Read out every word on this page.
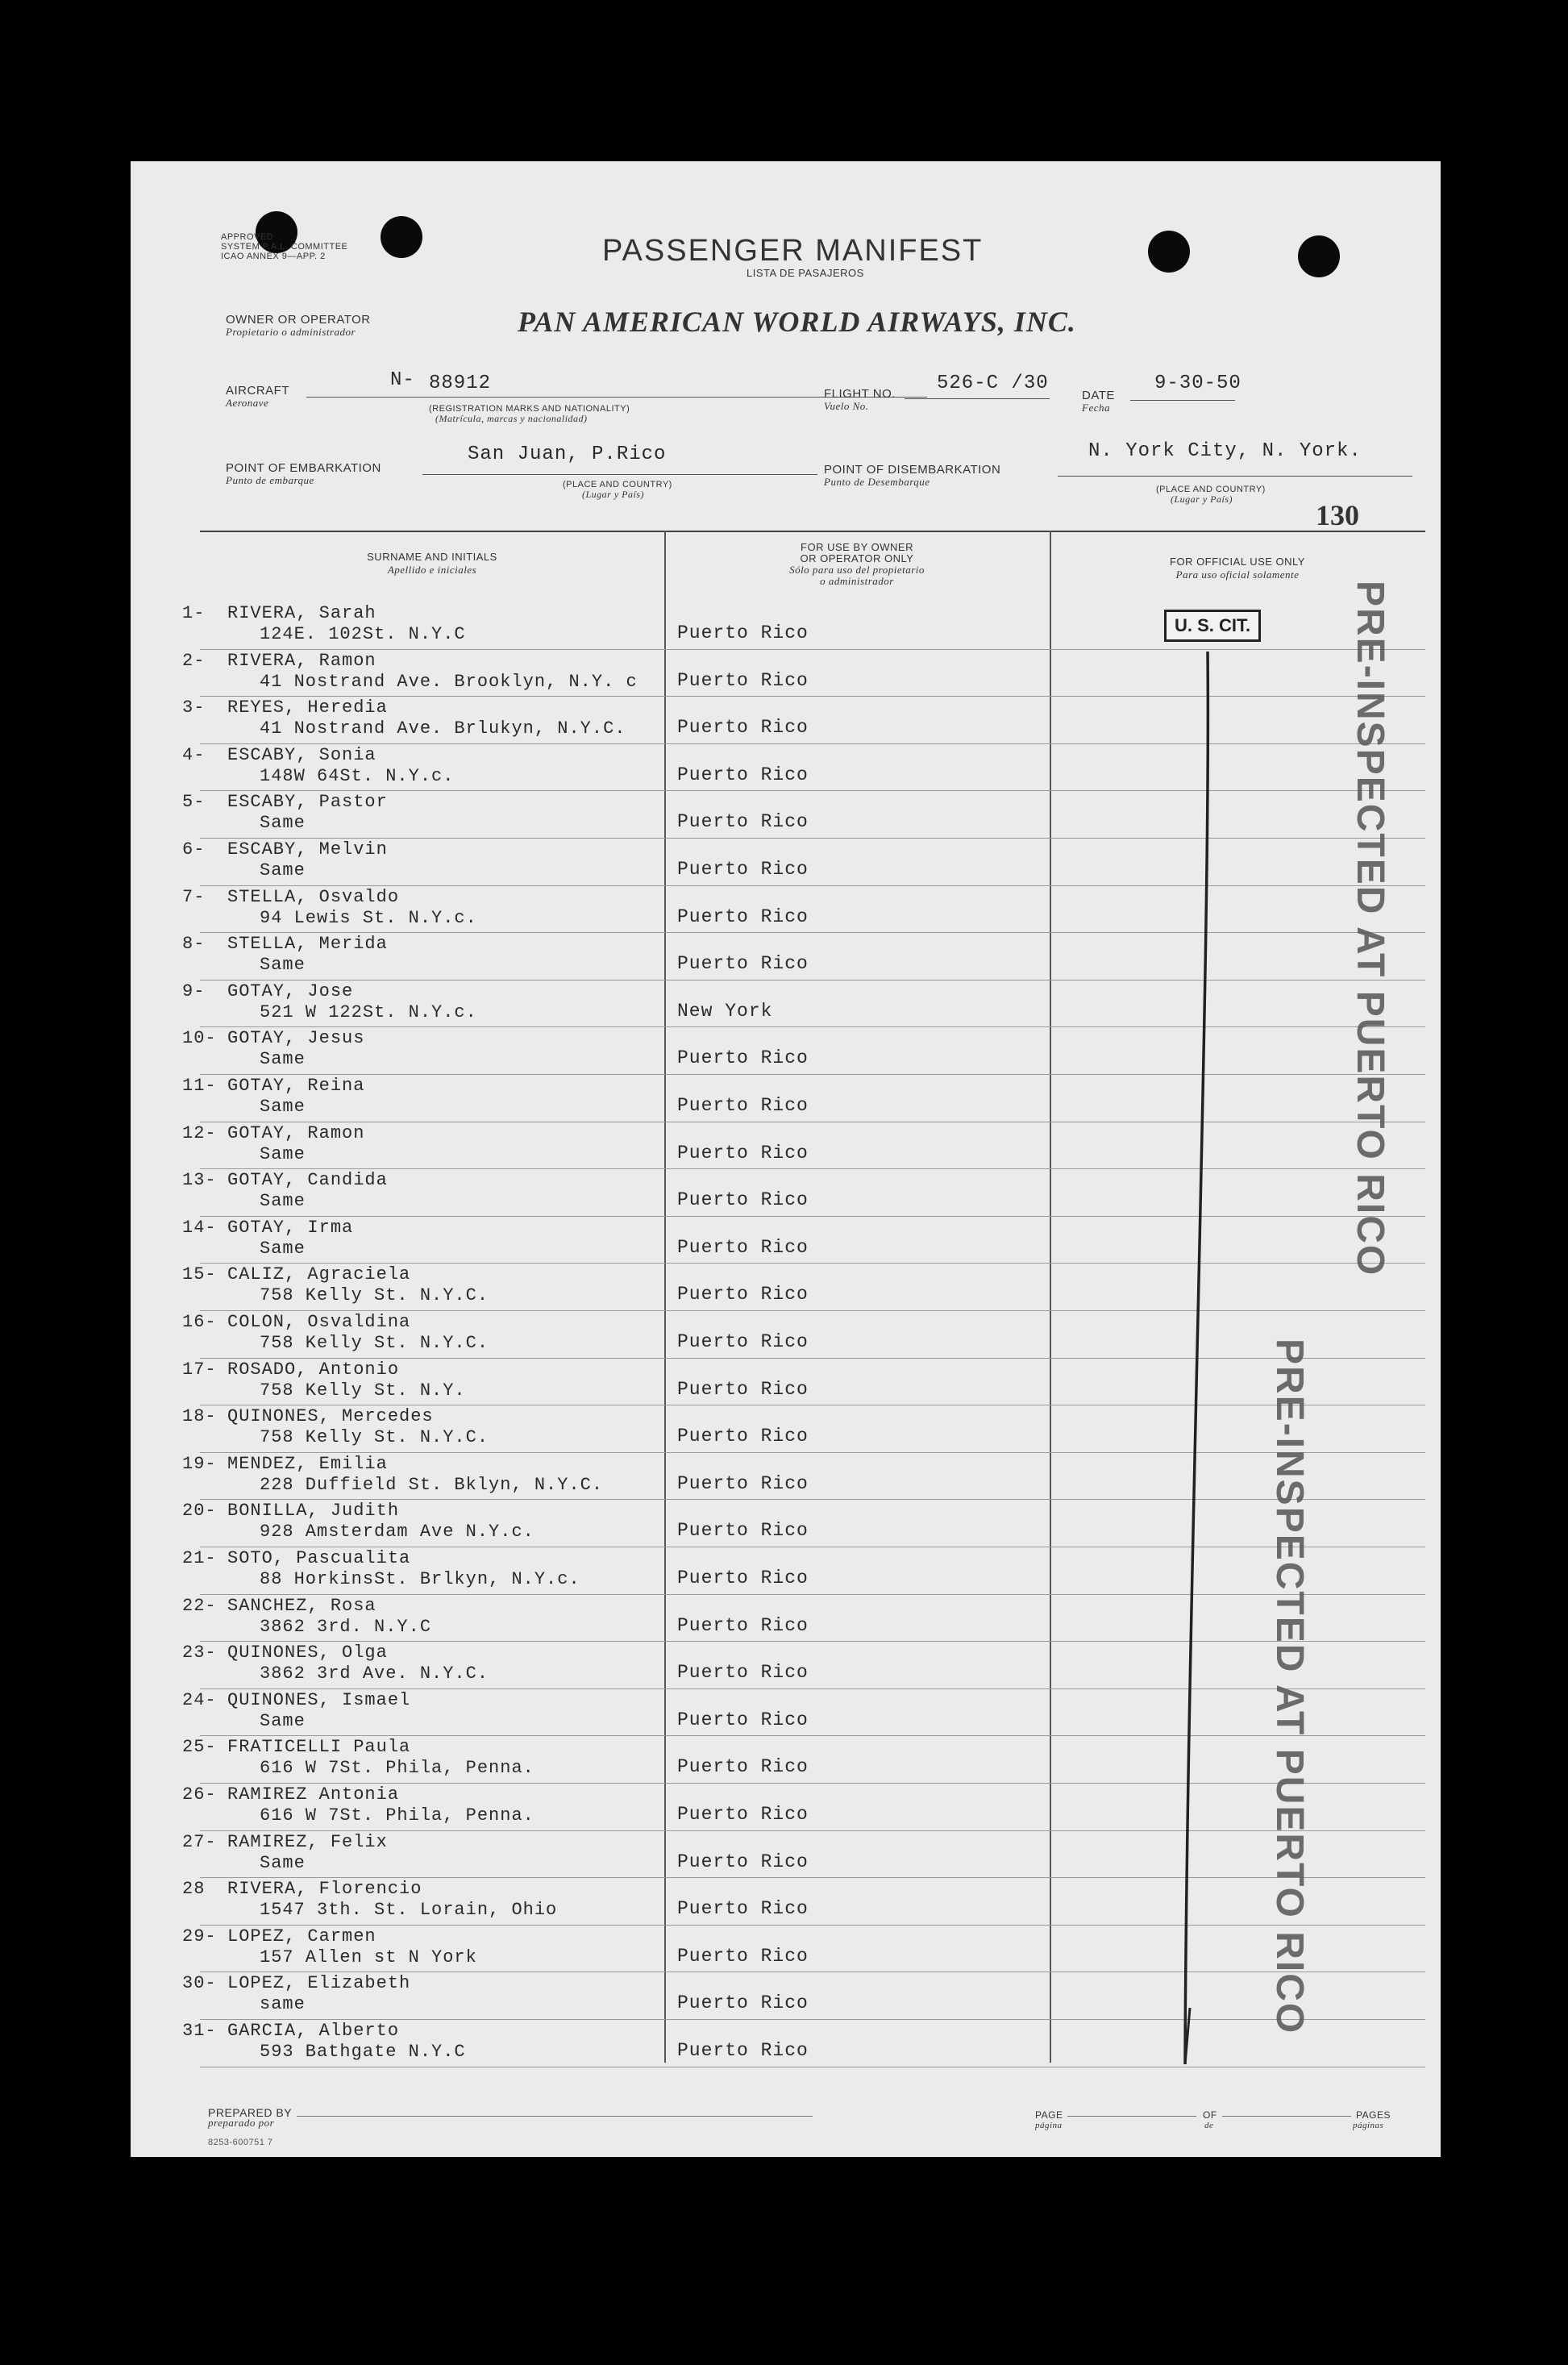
APPROVED
SYSTEM P.A.L. COMMITTEE
ICAO ANNEX 9—APP. 2	PASSENGER MANIFEST
LISTA DE PASAJEROS
OWNER OR OPERATOR
Propietario o administrador	PAN AMERICAN WORLD AIRWAYS, INC.
AIRCRAFT
Aeronave
N- 88912
(REGISTRATION MARKS AND NATIONALITY)
(Matrícula, marcas y nacionalidad)
FLIGHT NO.
Vuelo No.
526-C /30
DATE
Fecha
9-30-50
POINT OF EMBARKATION
Punto de embarque
San Juan, P.Rico
(PLACE AND COUNTRY)
(Lugar y País)
POINT OF DISEMBARKATION
Punto de Desembarque
N. York City, N. York.
(PLACE AND COUNTRY)
(Lugar y País)	130
SURNAME AND INITIALS
Apellido e iniciales
FOR USE BY OWNER
OR OPERATOR ONLY
Sólo para uso del propietario
o administrador
FOR OFFICIAL USE ONLY
Para uso oficial solamente
1- RIVERA, Sarah
124E. 102St. N.Y.C	Puerto Rico
2- RIVERA, Ramon
41 Nostrand Ave. Brooklyn, N.Y. c Puerto Rico
3- REYES, Heredia
41 Nostrand Ave. Brlukyn, N.Y.C.	Puerto Rico
4- ESCABY, Sonia
148W 64St. N.Y.c.	Puerto Rico
5- ESCABY, Pastor
Same	Puerto Rico
6- ESCABY, Melvin
Same	Puerto Rico
7- STELLA, Osvaldo
94 Lewis St. N.Y.c.	Puerto Rico
8- STELLA, Merida
Same	Puerto Rico
9- GOTAY, Jose
521 W 122St. N.Y.c.	New York
10- GOTAY, Jesus
Same	Puerto Rico
11- GOTAY, Reina
Same	Puerto Rico
12- GOTAY, Ramon
Same	Puerto Rico
13- GOTAY, Candida
Same	Puerto Rico
14- GOTAY, Irma
Same	Puerto Rico
15- CALIZ, Agraciela
758 Kelly St. N.Y.C.	Puerto Rico
16- COLON, Osvaldina
758 Kelly St. N.Y.C.	Puerto Rico
17- ROSADO, Antonio
758 Kelly St. N.Y.	Puerto Rico
18- QUINONES, Mercedes
758 Kelly St. N.Y.C.	Puerto Rico
19- MENDEZ, Emilia
228 Duffield St. Bklyn, N.Y.C.	Puerto Rico
20- BONILLA, Judith
928 Amsterdam Ave N.Y.c.	Puerto Rico
21- SOTO, Pascualita
88 HorkinsSt. Brlkyn, N.Y.c.	Puerto Rico
22- SANCHEZ, Rosa
3862 3rd. N.Y.C	Puerto Rico
23- QUINONES, Olga
3862 3rd Ave. N.Y.C.	Puerto Rico
24- QUINONES, Ismael
Same	Puerto Rico
25- FRATICELLI Paula
616 W 7St. Phila, Penna.	Puerto Rico
26- RAMIREZ Antonia
616 W 7St. Phila, Penna.	Puerto Rico
27- RAMIREZ, Felix
Same	Puerto Rico
28 RIVERA, Florencio
1547 3th. St. Lorain, Ohio	Puerto Rico
29- LOPEZ, Carmen
157 Allen st N York	Puerto Rico
30- LOPEZ, Elizabeth
same	Puerto Rico
31- GARCIA, Alberto
593 Bathgate N.Y.C	Puerto Rico
U. S. CIT.	PRE-INSPECTED AT PUERTO RICO
PRE-INSPECTED AT PUERTO RICO
PREPARED BY
preparado por
8253-600751 7
PAGE
página
OF
de
PAGES
páginas
